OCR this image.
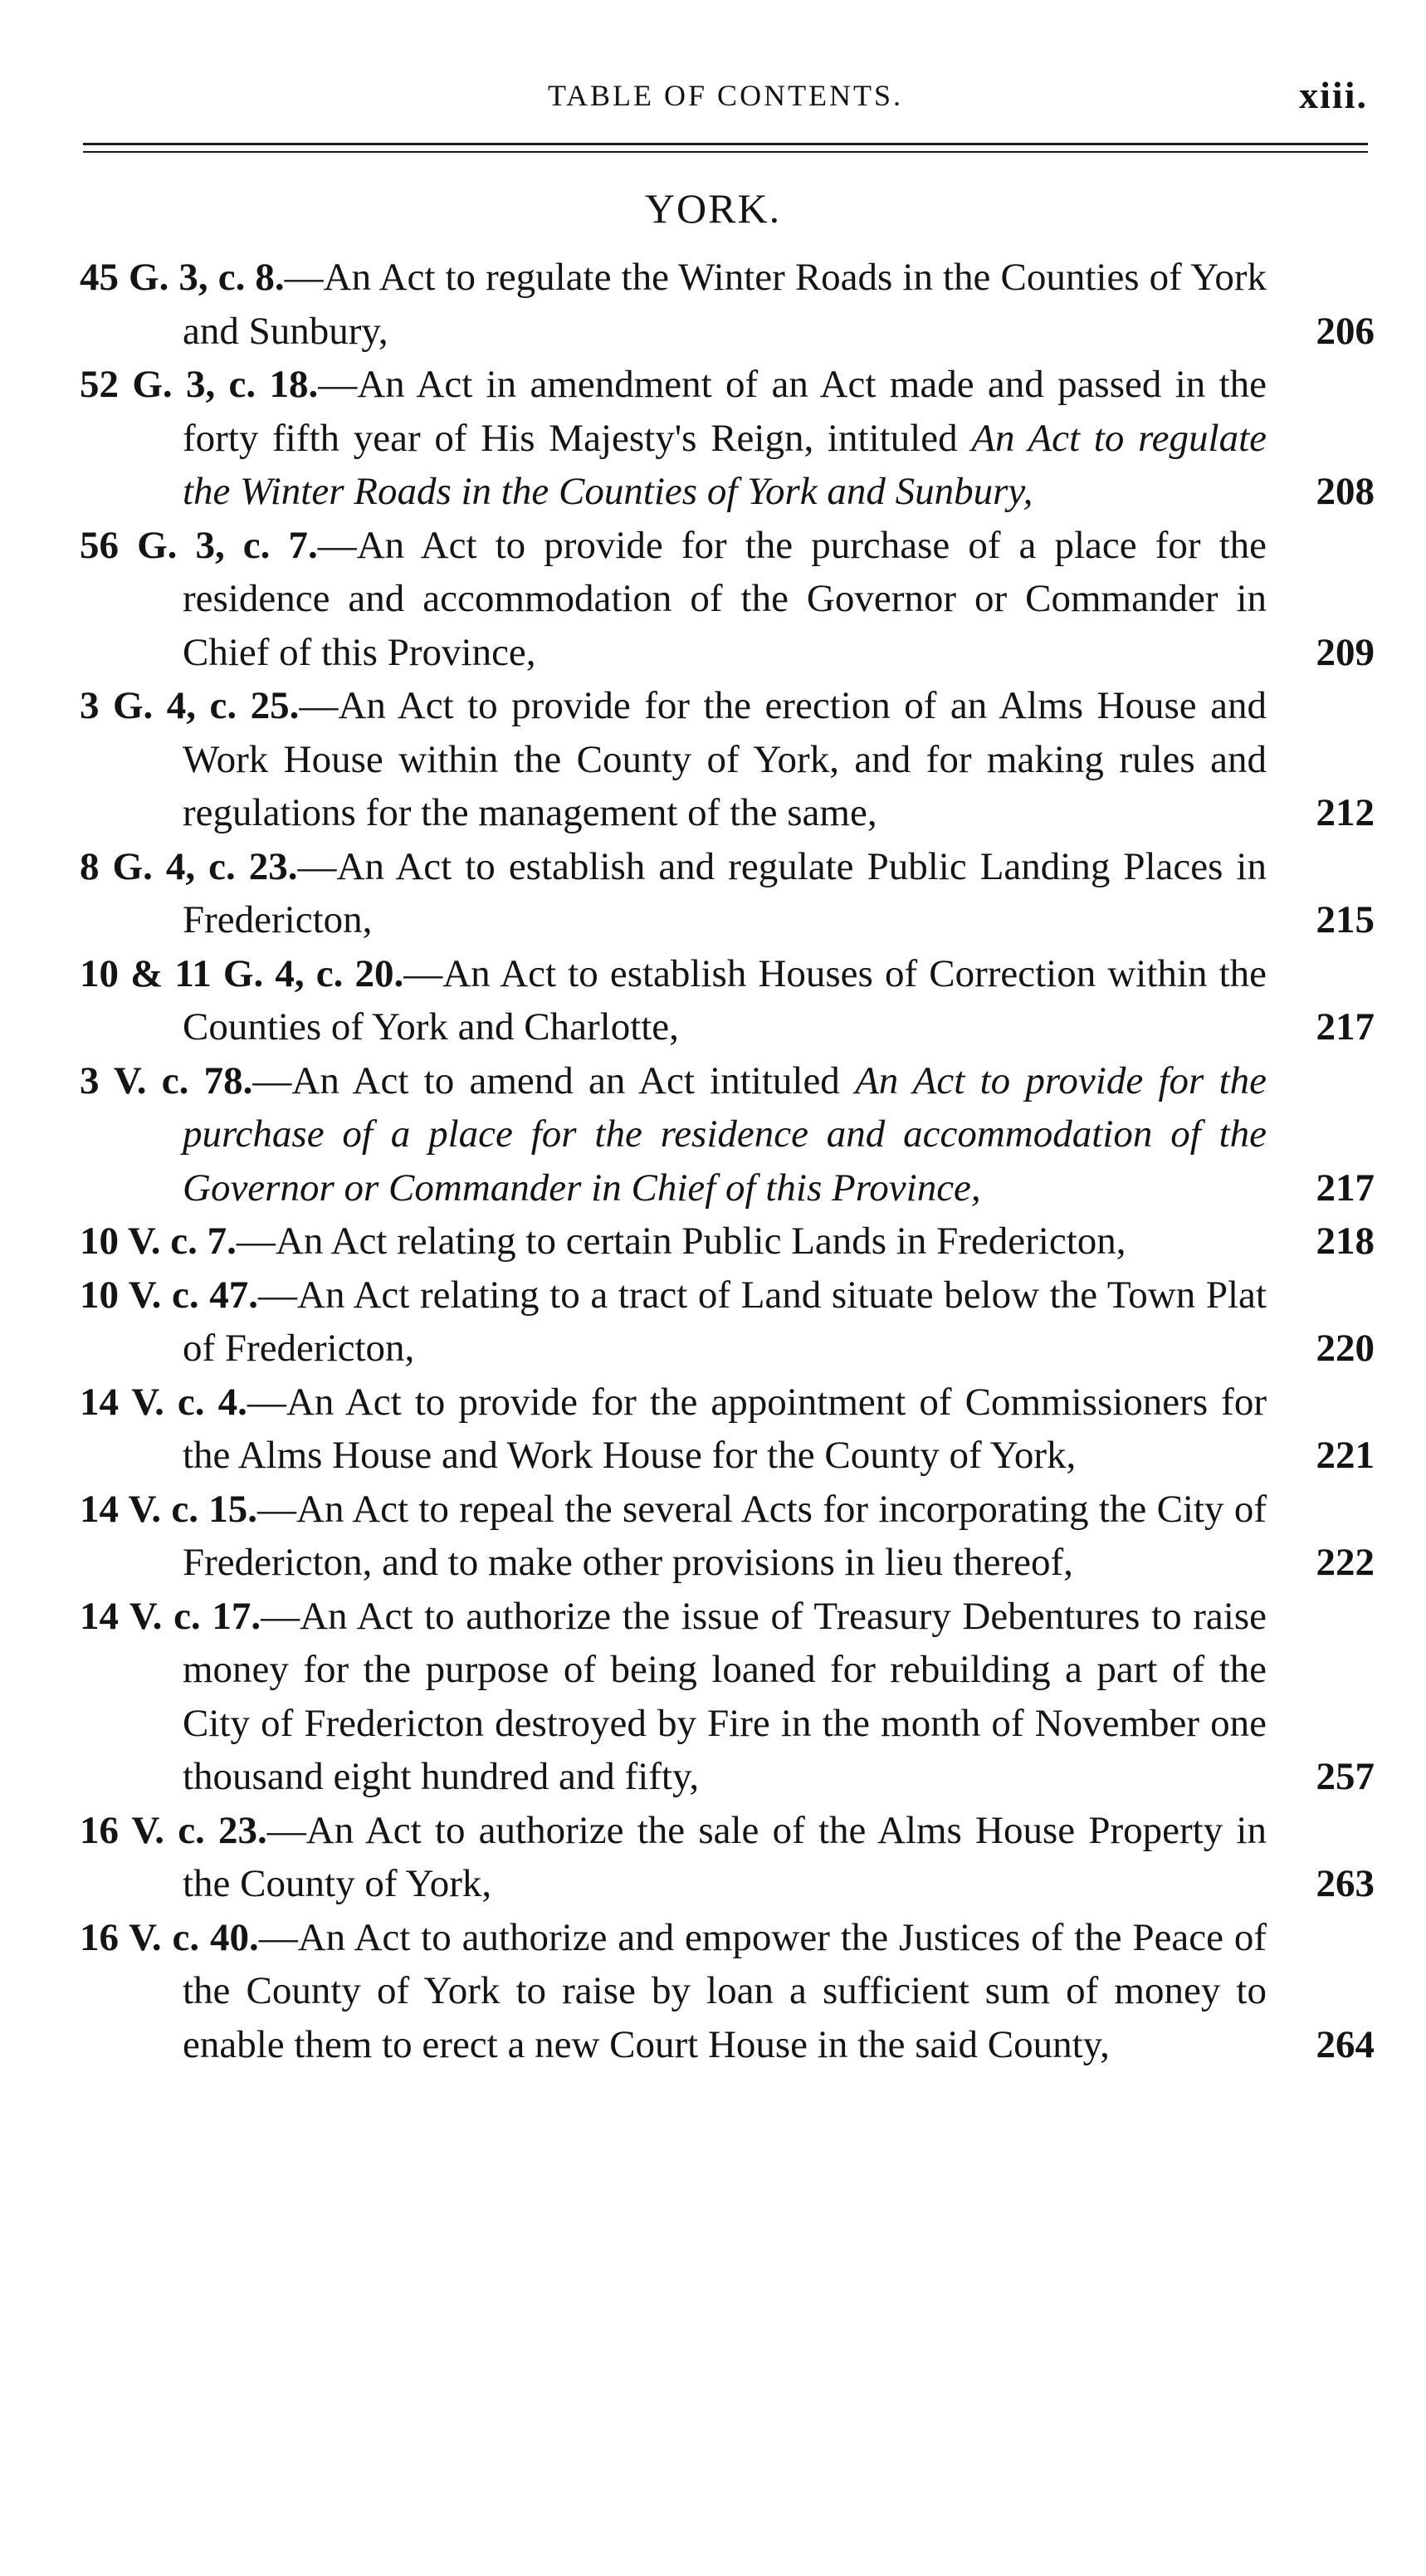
TABLE OF CONTENTS.	xiii.
YORK.
45 G. 3, c. 8.—An Act to regulate the Winter Roads in the Counties of York and Sunbury,	206
52 G. 3, c. 18.—An Act in amendment of an Act made and passed in the forty fifth year of His Majesty's Reign, intituled An Act to regulate the Winter Roads in the Counties of York and Sunbury,	208
56 G. 3, c. 7.—An Act to provide for the purchase of a place for the residence and accommodation of the Governor or Commander in Chief of this Province,	209
3 G. 4, c. 25.—An Act to provide for the erection of an Alms House and Work House within the County of York, and for making rules and regulations for the management of the same,	212
8 G. 4, c. 23.—An Act to establish and regulate Public Landing Places in Fredericton,	215
10 & 11 G. 4, c. 20.—An Act to establish Houses of Correction within the Counties of York and Charlotte,	217
3 V. c. 78.—An Act to amend an Act intituled An Act to provide for the purchase of a place for the residence and accommodation of the Governor or Commander in Chief of this Province,	217
10 V. c. 7.—An Act relating to certain Public Lands in Fredericton,	218
10 V. c. 47.—An Act relating to a tract of Land situate below the Town Plat of Fredericton,	220
14 V. c. 4.—An Act to provide for the appointment of Commissioners for the Alms House and Work House for the County of York,	221
14 V. c. 15.—An Act to repeal the several Acts for incorporating the City of Fredericton, and to make other provisions in lieu thereof,	222
14 V. c. 17.—An Act to authorize the issue of Treasury Debentures to raise money for the purpose of being loaned for rebuilding a part of the City of Fredericton destroyed by Fire in the month of November one thousand eight hundred and fifty,	257
16 V. c. 23.—An Act to authorize the sale of the Alms House Property in the County of York,	263
16 V. c. 40.—An Act to authorize and empower the Justices of the Peace of the County of York to raise by loan a sufficient sum of money to enable them to erect a new Court House in the said County,	264
